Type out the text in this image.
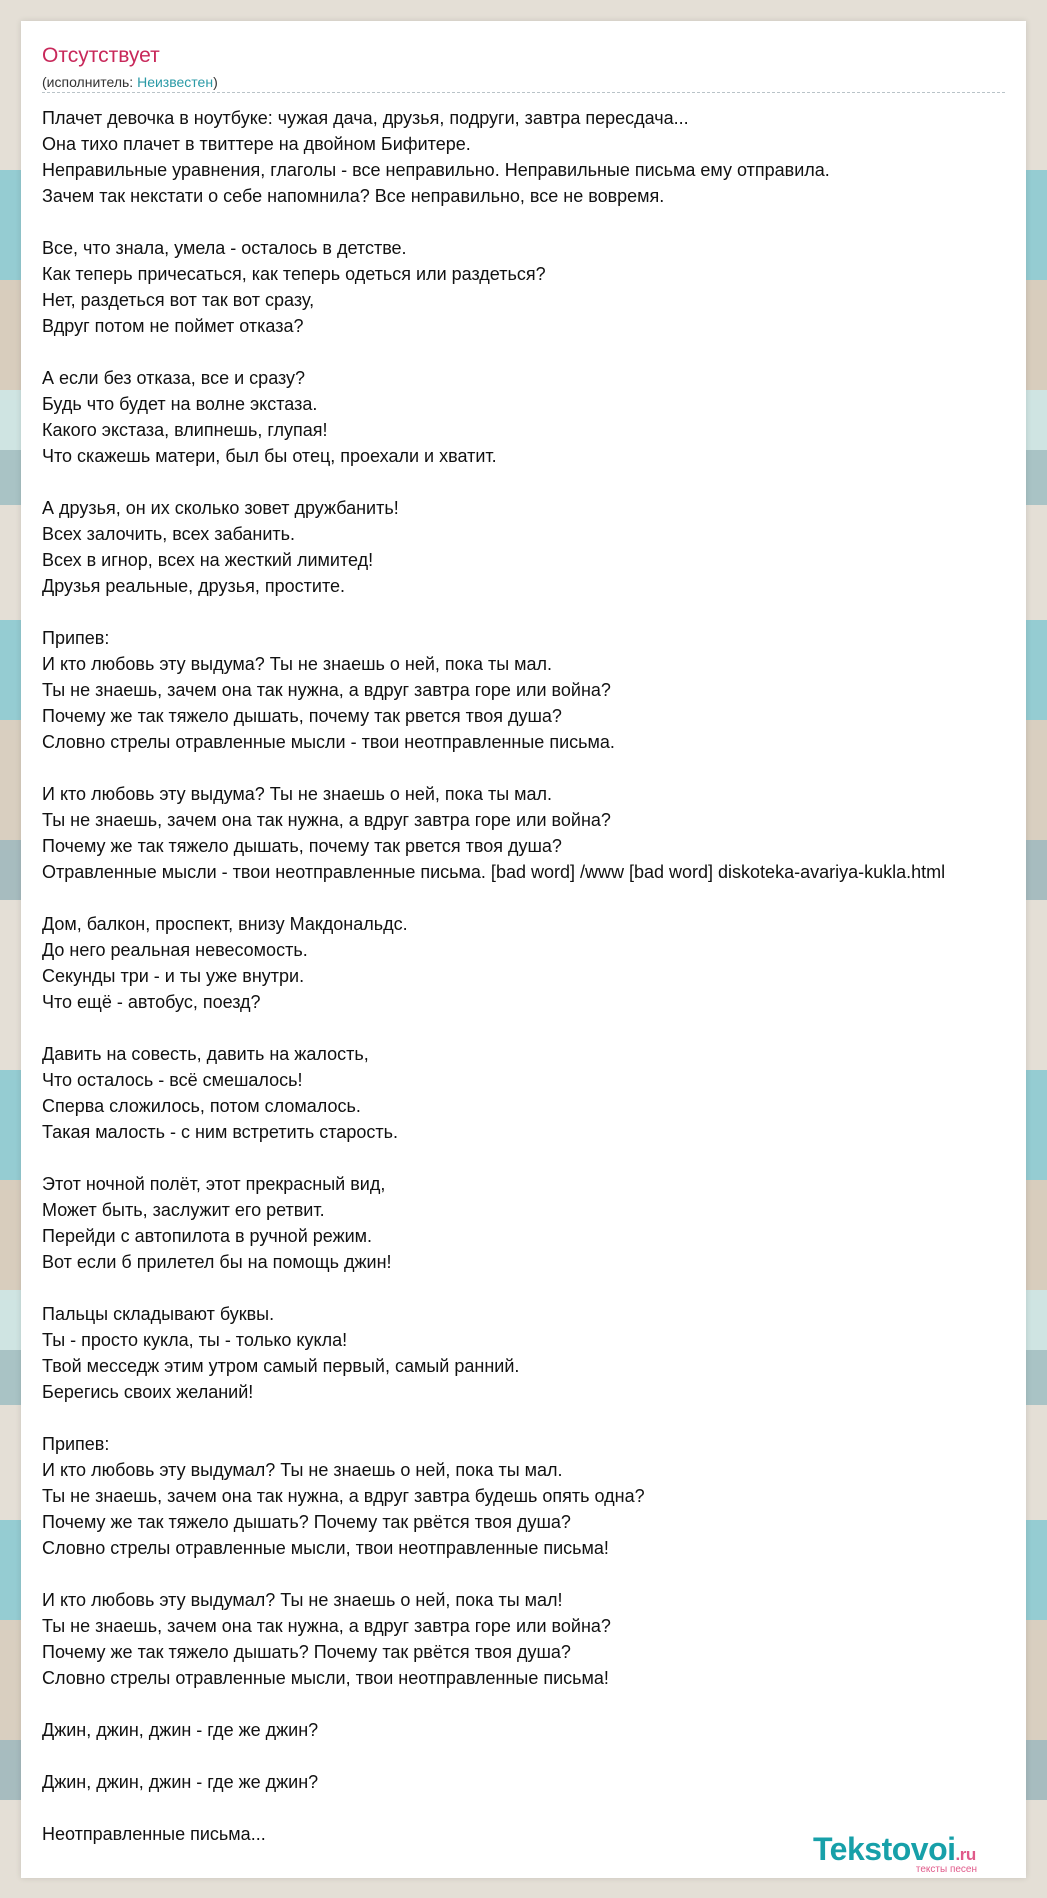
Отсутствует
(исполнитель: Неизвестен)
Плачет девочка в ноутбуке: чужая дача, друзья, подруги, завтра пересдача...
Она тихо плачет в твиттере на двойном Бифитере.
Неправильные уравнения, глаголы - все неправильно. Неправильные письма ему отправила.
Зачем так некстати о себе напомнила? Все неправильно, все не вовремя.
Все, что знала, умела - осталось в детстве.
Как теперь причесаться, как теперь одеться или раздеться?
Нет, раздеться вот так вот сразу,
Вдруг потом не поймет отказа?
А если без отказа, все и сразу?
Будь что будет на волне экстаза.
Какого экстаза, влипнешь, глупая!
Что скажешь матери, был бы отец, проехали и хватит.
А друзья, он их сколько зовет дружбанить!
Всех залочить, всех забанить.
Всех в игнор, всех на жесткий лимитед!
Друзья реальные, друзья, простите.
Припев:
И кто любовь эту выдума? Ты не знаешь о ней, пока ты мал.
Ты не знаешь, зачем она так нужна, а вдруг завтра горе или война?
Почему же так тяжело дышать, почему так рвется твоя душа?
Словно стрелы отравленные мысли - твои неотправленные письма.
И кто любовь эту выдума? Ты не знаешь о ней, пока ты мал.
Ты не знаешь, зачем она так нужна, а вдруг завтра горе или война?
Почему же так тяжело дышать, почему так рвется твоя душа?
Отравленные мысли - твои неотправленные письма. [bad word] /www [bad word] diskoteka-avariya-kukla.html
Дом, балкон, проспект, внизу Макдональдс.
До него реальная невесомость.
Секунды три - и ты уже внутри.
Что ещё - автобус, поезд?
Давить на совесть, давить на жалость,
Что осталось - всё смешалось!
Сперва сложилось, потом сломалось.
Такая малость - с ним встретить старость.
Этот ночной полёт, этот прекрасный вид,
Может быть, заслужит его ретвит.
Перейди с автопилота в ручной режим.
Вот если б прилетел бы на помощь джин!
Пальцы складывают буквы.
Ты - просто кукла, ты - только кукла!
Твой месседж этим утром самый первый, самый ранний.
Берегись своих желаний!
Припев:
И кто любовь эту выдумал? Ты не знаешь о ней, пока ты мал.
Ты не знаешь, зачем она так нужна, а вдруг завтра будешь опять одна?
Почему же так тяжело дышать? Почему так рвётся твоя душа?
Словно стрелы отравленные мысли, твои неотправленные письма!
И кто любовь эту выдумал? Ты не знаешь о ней, пока ты мал!
Ты не знаешь, зачем она так нужна, а вдруг завтра горе или война?
Почему же так тяжело дышать? Почему так рвётся твоя душа?
Словно стрелы отравленные мысли, твои неотправленные письма!
Джин, джин, джин - где же джин?
Джин, джин, джин - где же джин?
Неотправленные письма...	Tekstovoi.ru
тексты песен
